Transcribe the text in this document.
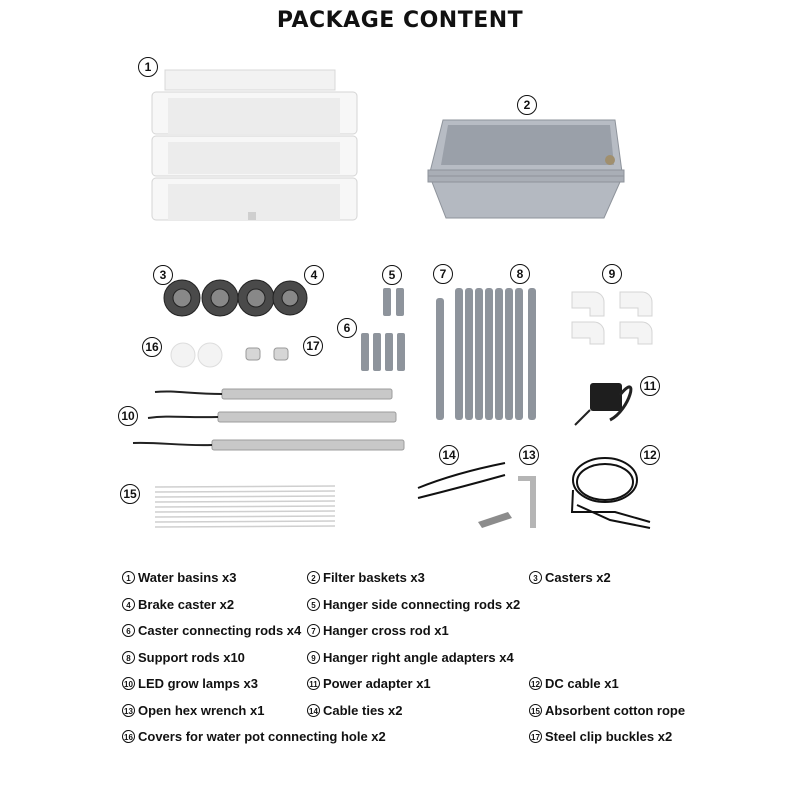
PACKAGE CONTENT
1
2
3	4	5
6
7	8	9
16	17
11
10
14	13	12
15
1 Water basins x3	2 Filter baskets x3	3 Casters x2
4 Brake caster x2	5 Hanger side connecting rods x2
6 Caster connecting rods x4	7 Hanger cross rod x1
8 Support rods x10	9 Hanger right angle adapters x4
10 LED grow lamps x3	11 Power adapter x1	12 DC cable x1
13 Open hex wrench x1	14 Cable ties x2	15 Absorbent cotton rope
16 Covers for water pot connecting hole x2	17 Steel clip buckles x2
